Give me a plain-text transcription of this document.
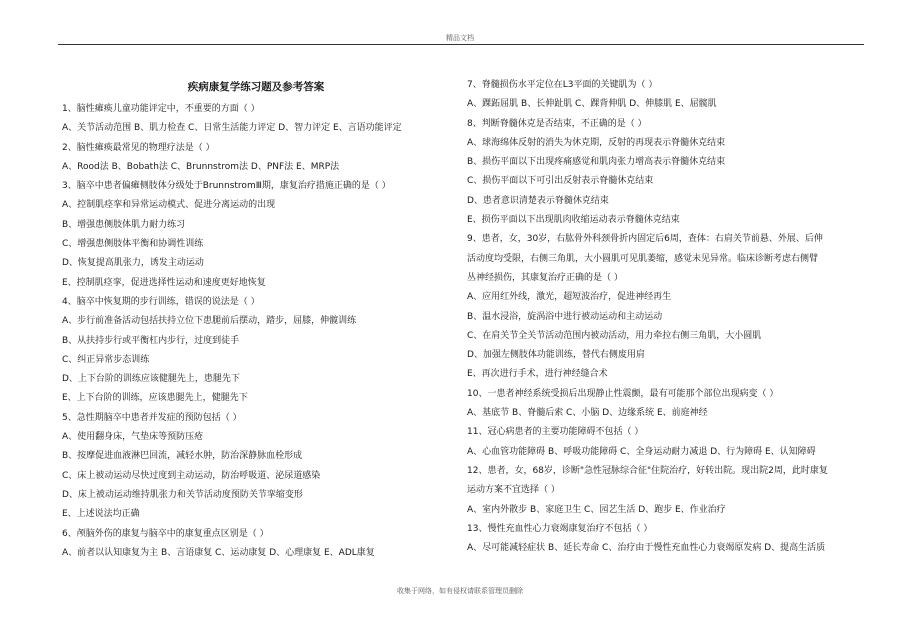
精品文档
疾病康复学练习题及参考答案
1、脑性瘫痪儿童功能评定中，不重要的方面（ ）
A、关节活动范围 B、肌力检查 C、日常生活能力评定 D、智力评定 E、言语功能评定
2、脑性瘫痪最常见的物理疗法是（ ）
A、Rood法 B、Bobath法 C、Brunnstrom法 D、PNF法 E、MRP法
3、脑卒中患者偏瘫侧肢体分级处于BrunnstromⅢ期，康复治疗措施正确的是（ ）
A、控制肌痉挛和异常运动模式、促进分离运动的出现
B、增强患侧肢体肌力耐力练习
C、增强患侧肢体平衡和协调性训练
D、恢复提高肌张力，诱发主动运动
E、控制肌痉挛，促进选择性运动和速度更好地恢复
4、脑卒中恢复期的步行训练，错误的说法是（ ）
A、步行前准备活动包括扶持立位下患腿前后摆动，踏步，屈膝，伸髋训练
B、从扶持步行或平衡杠内步行，过度到徒手
C、纠正异常步态训练
D、上下台阶的训练应该健腿先上，患腿先下
E、上下台阶的训练，应该患腿先上，健腿先下
5、急性期脑卒中患者并发症的预防包括（ ）
A、使用翻身床，气垫床等预防压疮
B、按摩促进血液淋巴回流，减轻水肿，防治深静脉血栓形成
C、床上被动运动尽快过度到主动运动，防治呼吸道、泌尿道感染
D、床上被动运动维持肌张力和关节活动度预防关节挛缩变形
E、上述说法均正确
6、颅脑外伤的康复与脑卒中的康复重点区别是（ ）
A、前者以认知康复为主 B、言语康复 C、运动康复 D、心理康复 E、ADL康复
7、脊髓损伤水平定位在L3平面的关键肌为（ ）
A、踝跖屈肌 B、长伸趾肌 C、踝背伸肌 D、伸膝肌 E、屈髋肌
8、判断脊髓休克是否结束，不正确的是（ ）
A、球海绵体反射的消失为休克期，反射的再现表示脊髓休克结束
B、损伤平面以下出现疼痛感觉和肌肉张力增高表示脊髓休克结束
C、损伤平面以下可引出反射表示脊髓休克结束
D、患者意识清楚表示脊髓休克结束
E、损伤平面以下出现肌肉收缩运动表示脊髓休克结束
9、患者，女，30岁，右肱骨外科颈骨折内固定后6周，查体：右肩关节前悬、外展、后伸
活动度均受限，右侧三角肌，大小圆肌可见肌萎缩，感觉未见异常。临床诊断考虑右侧臂
丛神经损伤，其康复治疗正确的是（ ）
A、应用红外线，激光，超短波治疗，促进神经再生
B、温水浸浴，旋涡浴中进行被动运动和主动运动
C、在肩关节全关节活动范围内被动活动，用力牵拉右侧三角肌，大小圆肌
D、加强左侧肢体功能训练，替代右侧废用肩
E、再次进行手术，进行神经缝合术
10、一患者神经系统受损后出现静止性震颤，最有可能那个部位出现病变（ ）
A、基底节 B、脊髓后索 C、小脑 D、边缘系统 E、前庭神经
11、冠心病患者的主要功能障碍不包括（ ）
A、心血管功能障碍 B、呼吸功能障碍 C、全身运动耐力减退 D、行为障碍 E、认知障碍
12、患者，女，68岁，诊断"急性冠脉综合征"住院治疗，好转出院。现出院2周，此时康复
运动方案不宜选择（ ）
A、室内外散步 B、家庭卫生 C、园艺生活 D、跑步 E、作业治疗
13、慢性充血性心力衰竭康复治疗不包括（ ）
A、尽可能减轻症状 B、延长寿命 C、治疗由于慢性充血性心力衰竭原发病 D、提高生活质
收集于网络，如有侵权请联系管理员删除
